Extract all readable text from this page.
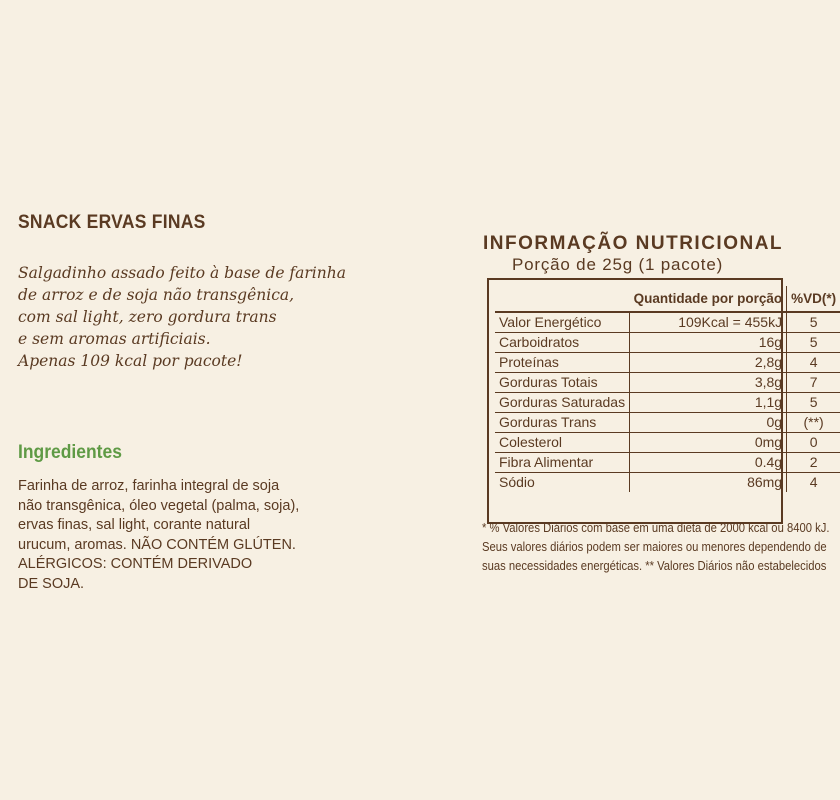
SNACK ERVAS FINAS
Salgadinho assado feito à base de farinha
de arroz e de soja não transgênica,
com sal light, zero gordura trans
e sem aromas artificiais.
Apenas 109 kcal por pacote!
Ingredientes
Farinha de arroz, farinha integral de soja
não transgênica, óleo vegetal (palma, soja),
ervas finas, sal light, corante natural
urucum, aromas. NÃO CONTÉM GLÚTEN.
ALÉRGICOS: CONTÉM DERIVADO
DE SOJA.
INFORMAÇÃO NUTRICIONAL
Porção de 25g (1 pacote)
	Quantidade por porção	%VD(*)
Valor Energético	109Kcal = 455kJ	5
Carboidratos	16g	5
Proteínas	2,8g	4
Gorduras Totais	3,8g	7
Gorduras Saturadas	1,1g	5
Gorduras Trans	0g	(**)
Colesterol	0mg	0
Fibra Alimentar	0.4g	2
Sódio	86mg	4
* % Valores Diários com base em uma dieta de 2000 kcal ou 8400 kJ.
Seus valores diários podem ser maiores ou menores dependendo de
suas necessidades energéticas. ** Valores Diários não estabelecidos
